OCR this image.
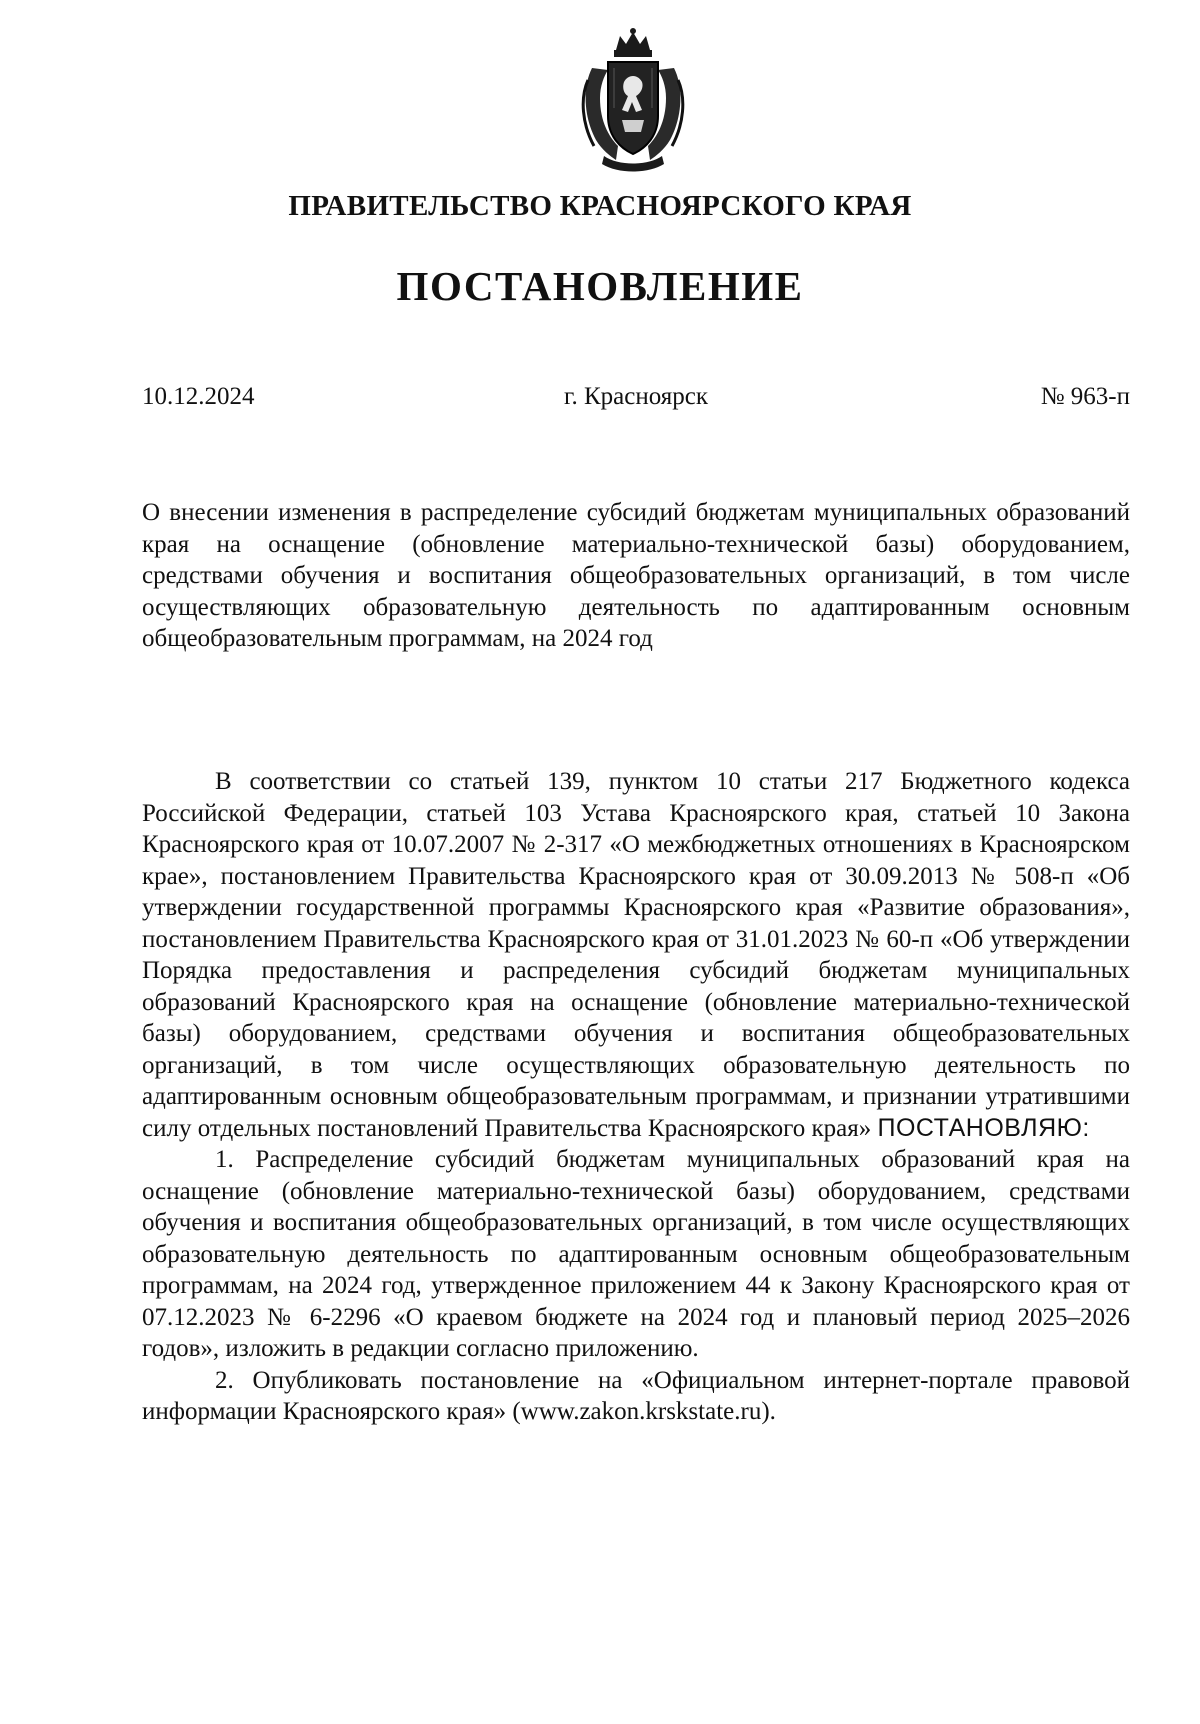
ПРАВИТЕЛЬСТВО КРАСНОЯРСКОГО КРАЯ
ПОСТАНОВЛЕНИЕ
г. Красноярск
10.12.2024	№ 963-п
О внесении изменения в распределение субсидий бюджетам муниципальных образований края на оснащение (обновление материально-технической базы) оборудованием, средствами обучения и воспитания общеобразовательных организаций, в том числе осуществляющих образовательную деятельность по адаптированным основным общеобразовательным программам, на 2024 год

В соответствии со статьей 139, пунктом 10 статьи 217 Бюджетного кодекса Российской Федерации, статьей 103 Устава Красноярского края, статьей 10 Закона Красноярского края от 10.07.2007 № 2-317 «О межбюджетных отношениях в Красноярском крае», постановлением Правительства Красноярского края от 30.09.2013 № 508-п «Об утверждении государственной программы Красноярского края «Развитие образования», постановлением Правительства Красноярского края от 31.01.2023 № 60-п «Об утверждении Порядка предоставления и распределения субсидий бюджетам муниципальных образований Красноярского края на оснащение (обновление материально-технической базы) оборудованием, средствами обучения и воспитания общеобразовательных организаций, в том числе осуществляющих образовательную деятельность по адаптированным основным общеобразовательным программам, и признании утратившими силу отдельных постановлений Правительства Красноярского края» ПОСТАНОВЛЯЮ:

1. Распределение субсидий бюджетам муниципальных образований края на оснащение (обновление материально-технической базы) оборудованием, средствами обучения и воспитания общеобразовательных организаций, в том числе осуществляющих образовательную деятельность по адаптированным основным общеобразовательным программам, на 2024 год, утвержденное приложением 44 к Закону Красноярского края от 07.12.2023 № 6-2296 «О краевом бюджете на 2024 год и плановый период 2025–2026 годов», изложить в редакции согласно приложению.

2. Опубликовать постановление на «Официальном интернет-портале правовой информации Красноярского края» (www.zakon.krskstate.ru).
